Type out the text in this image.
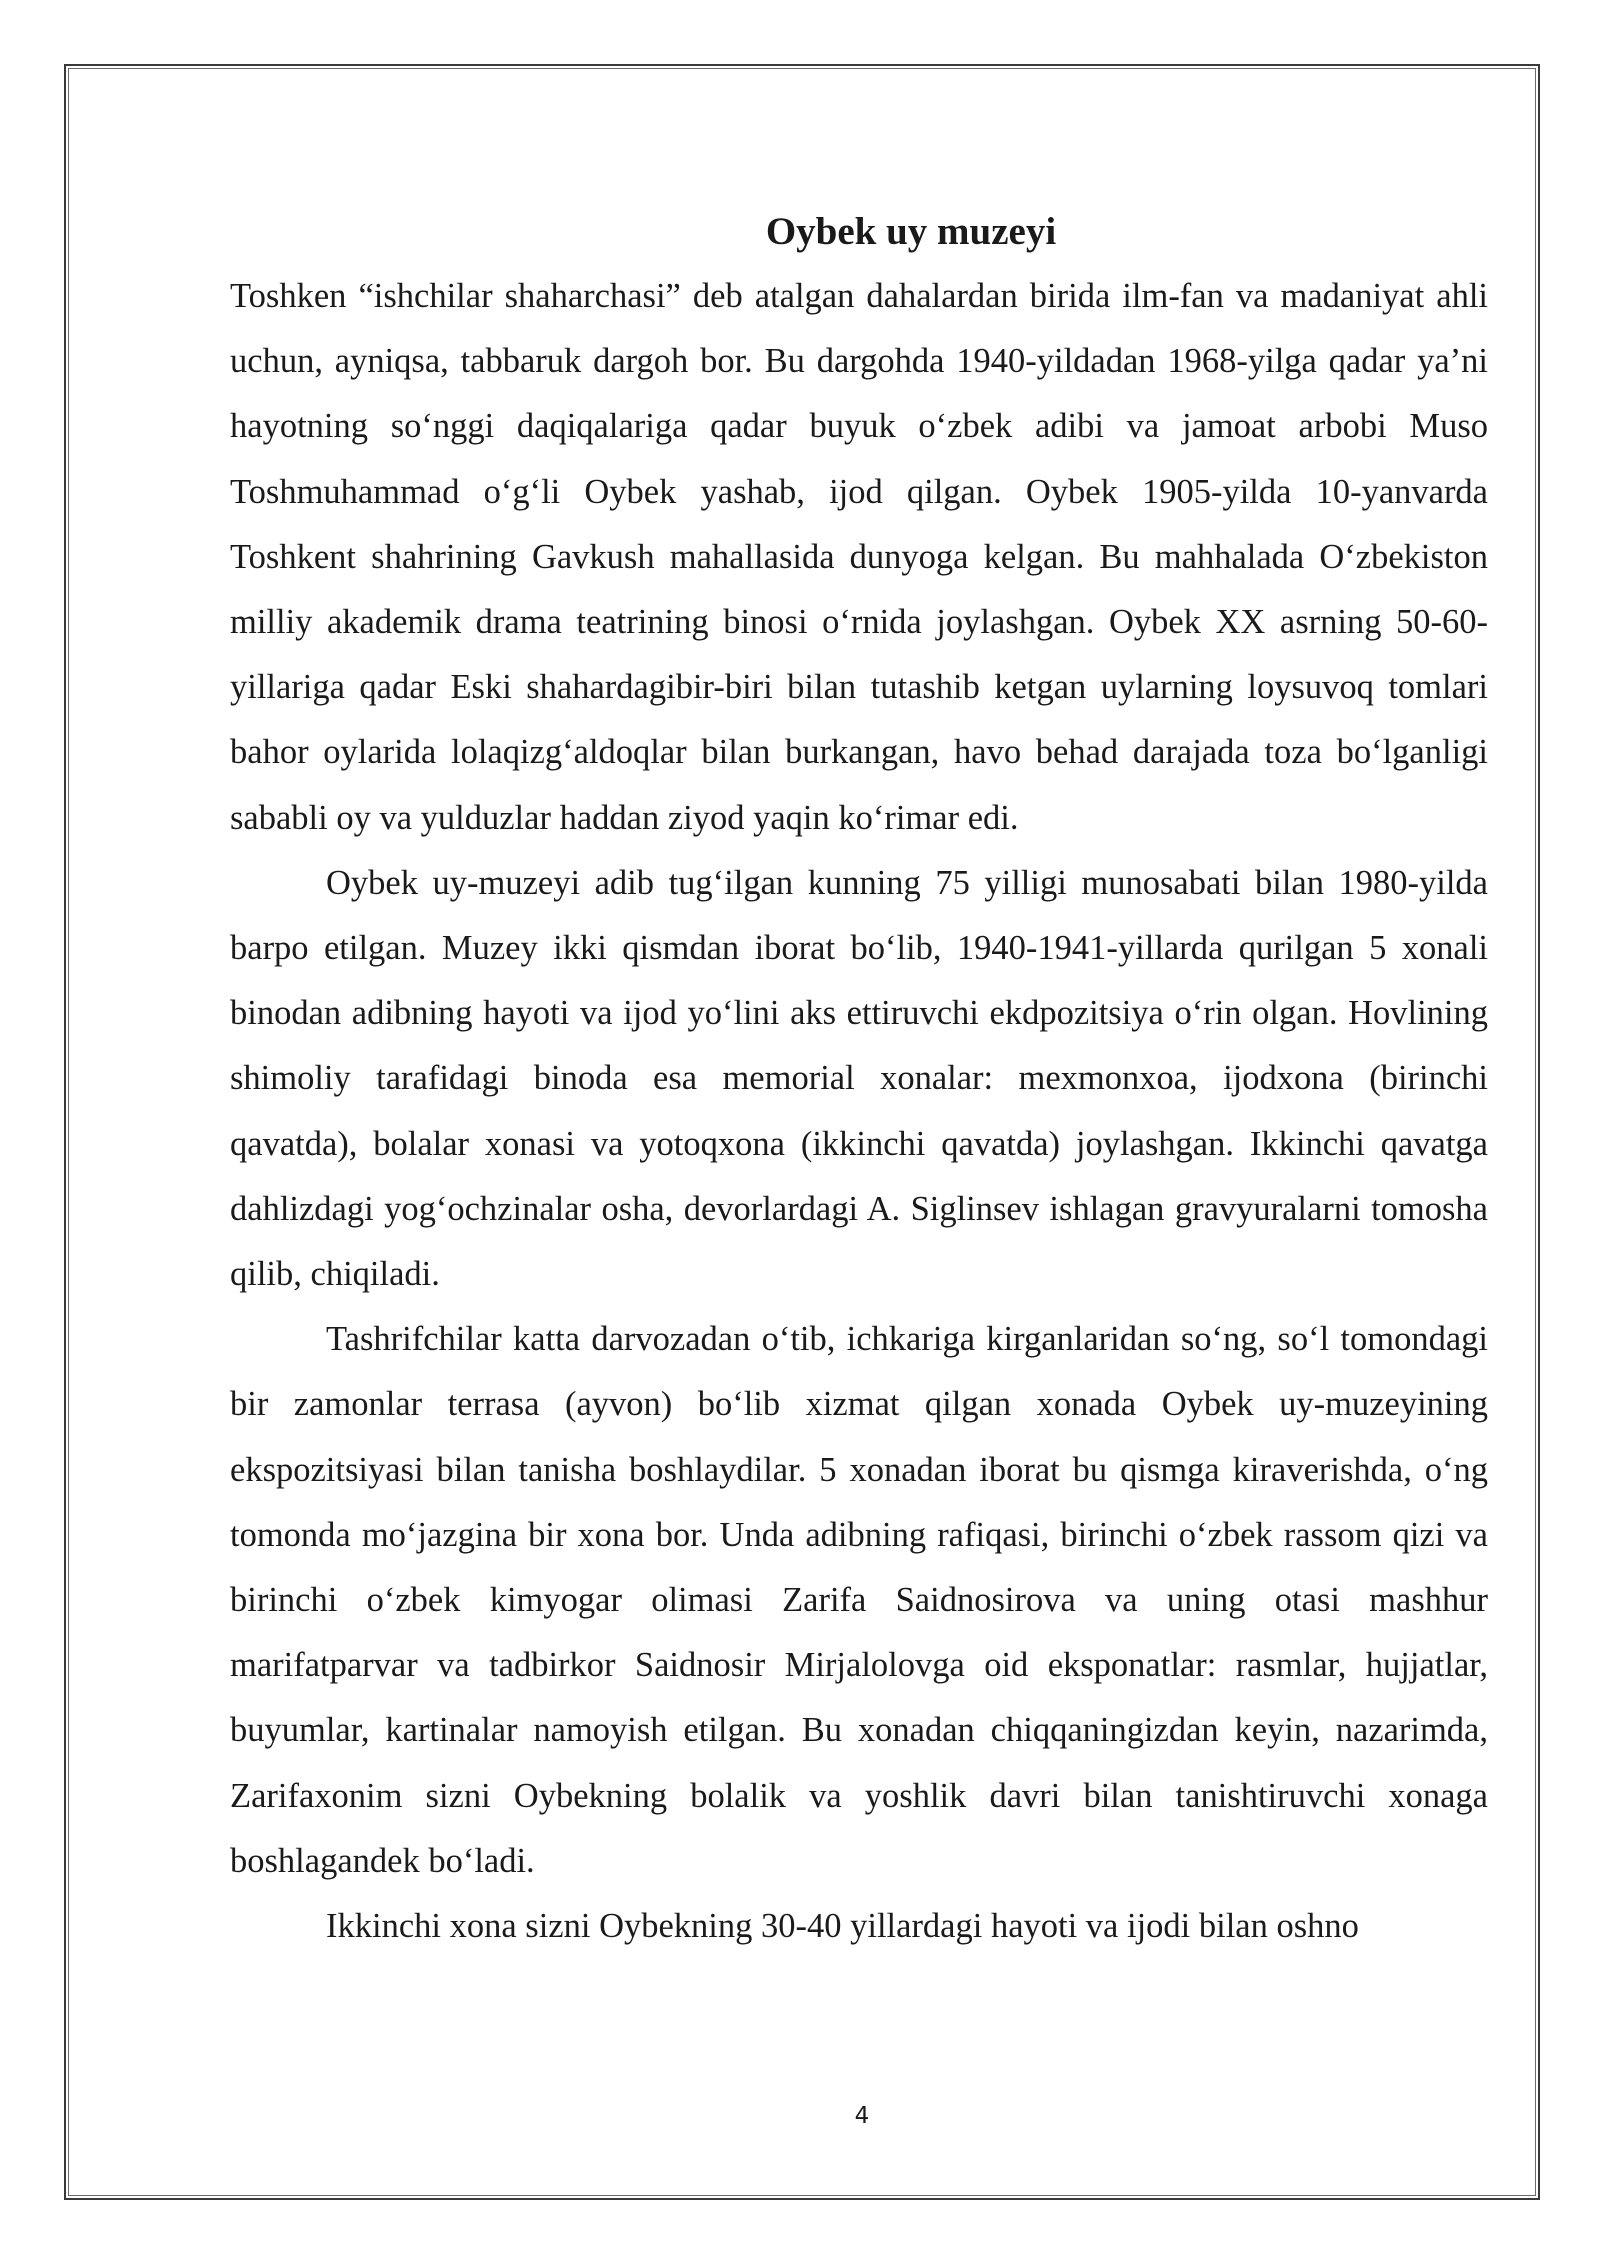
Oybek uy muzeyi

Toshken “ishchilar shaharchasi” deb atalgan dahalardan birida ilm-fan va madaniyat ahli uchun, ayniqsa, tabbaruk dargoh bor. Bu dargohda 1940-yildadan 1968-yilga qadar ya’ni hayotning so‘nggi daqiqalariga qadar buyuk o‘zbek adibi va jamoat arbobi Muso Toshmuhammad o‘g‘li Oybek yashab, ijod qilgan. Oybek 1905-yilda 10-yanvarda Toshkent shahrining Gavkush mahallasida dunyoga kelgan. Bu mahhalada O‘zbekiston milliy akademik drama teatrining binosi o‘rnida joylashgan. Oybek XX asrning 50-60- yillariga qadar Eski shahardagibir-biri bilan tutashib ketgan uylarning loysuvoq tomlari bahor oylarida lolaqizg‘aldoqlar bilan burkangan, havo behad darajada toza bo‘lganligi sababli oy va yulduzlar haddan ziyod yaqin ko‘rimar edi.

Oybek uy-muzeyi adib tug‘ilgan kunning 75 yilligi munosabati bilan 1980-yilda barpo etilgan. Muzey ikki qismdan iborat bo‘lib, 1940-1941-yillarda qurilgan 5 xonali binodan adibning hayoti va ijod yo‘lini aks ettiruvchi ekdpozitsiya o‘rin olgan. Hovlining shimoliy tarafidagi binoda esa memorial xonalar: mexmonxoa, ijodxona (birinchi qavatda), bolalar xonasi va yotoqxona (ikkinchi qavatda) joylashgan. Ikkinchi qavatga dahlizdagi yog‘ochzinalar osha, devorlardagi A. Siglinsev ishlagan gravyuralarni tomosha qilib, chiqiladi.

Tashrifchilar katta darvozadan o‘tib, ichkariga kirganlaridan so‘ng, so‘l tomondagi bir zamonlar terrasa (ayvon) bo‘lib xizmat qilgan xonada Oybek uy-muzeyining ekspozitsiyasi bilan tanisha boshlaydilar. 5 xonadan iborat bu qismga kiraverishda, o‘ng tomonda mo‘jazgina bir xona bor. Unda adibning rafiqasi, birinchi o‘zbek rassom qizi va birinchi o‘zbek kimyogar olimasi Zarifa Saidnosirova va uning otasi mashhur marifatparvar va tadbirkor Saidnosir Mirjalolovga oid eksponatlar: rasmlar, hujjatlar, buyumlar, kartinalar namoyish etilgan. Bu xonadan chiqqaningizdan keyin, nazarimda, Zarifaxonim sizni Oybekning bolalik va yoshlik davri bilan tanishtiruvchi xonaga boshlagandek bo‘ladi.

Ikkinchi xona sizni Oybekning 30-40 yillardagi hayoti va ijodi bilan oshno

4
